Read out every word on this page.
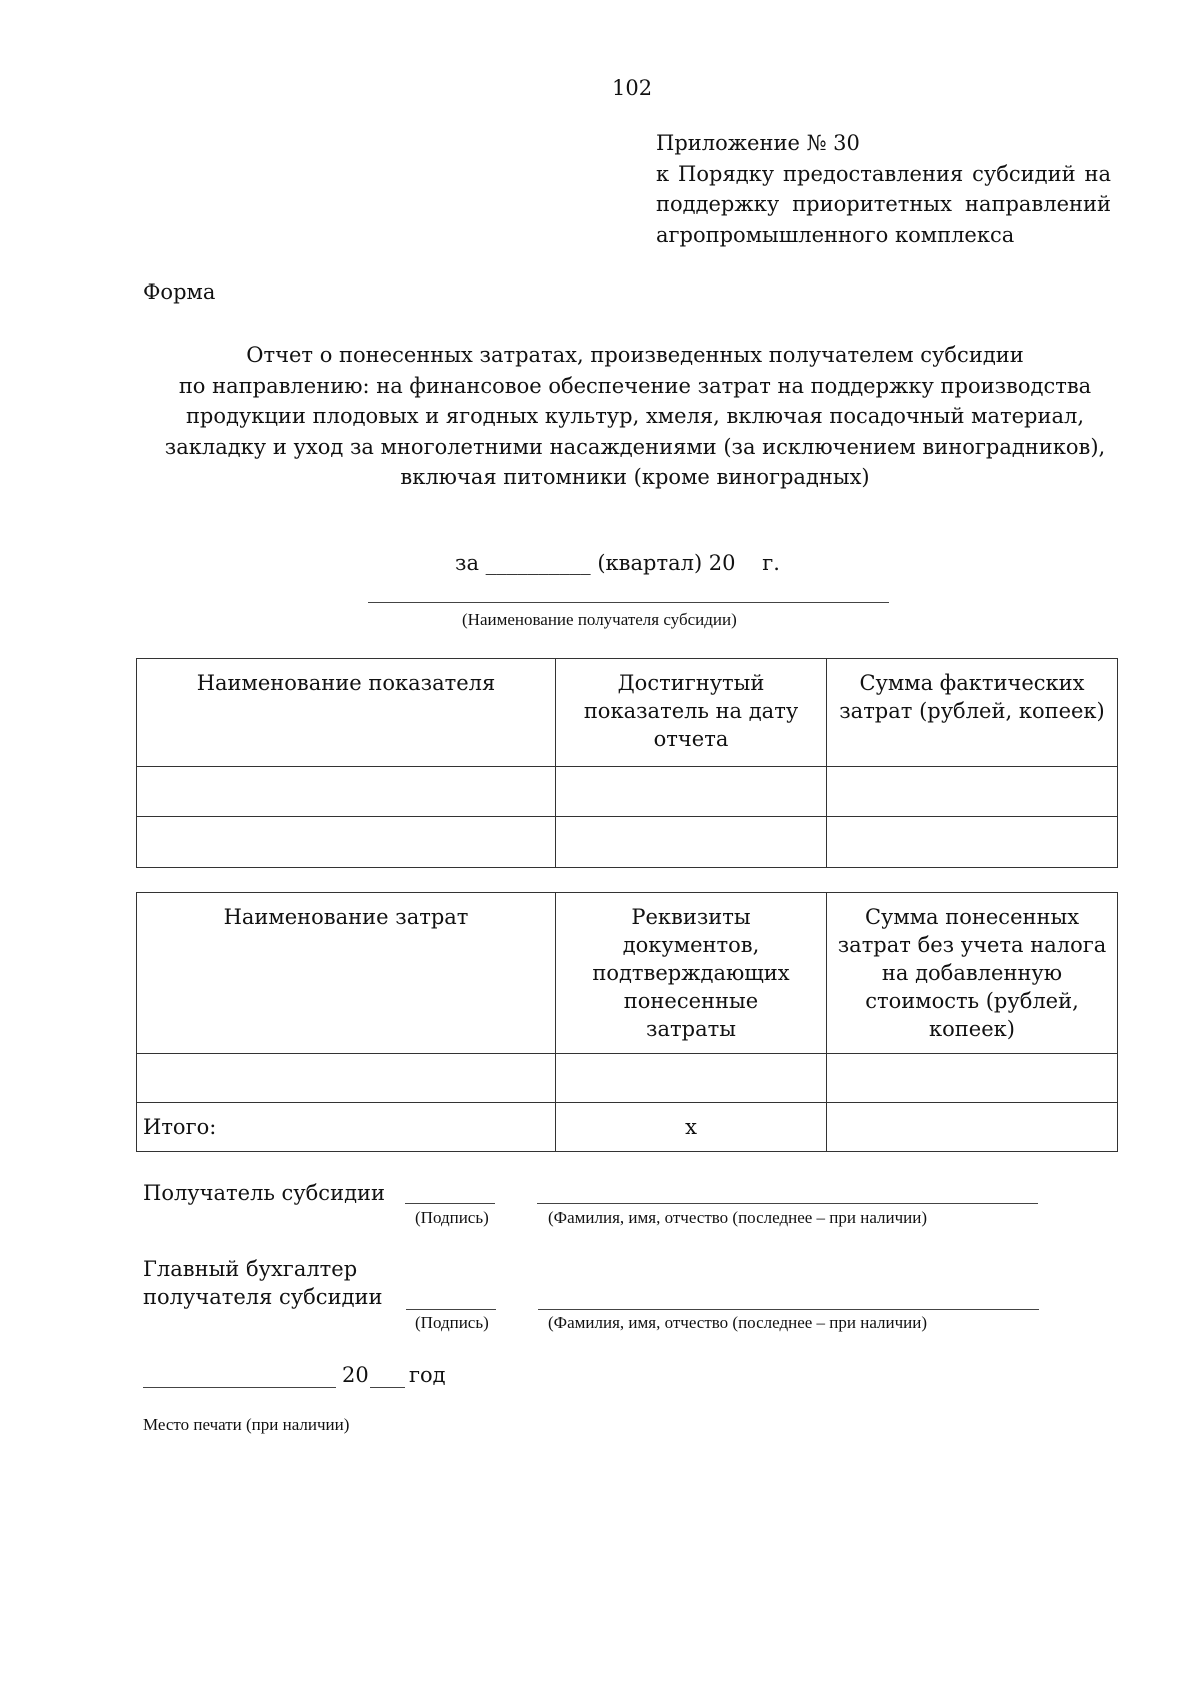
102
Приложение № 30
к Порядку предоставления субсидий на
поддержку приоритетных направлений
агропромышленного комплекса
Форма
Отчет о понесенных затратах, произведенных получателем субсидии
по направлению: на финансовое обеспечение затрат на поддержку производства
продукции плодовых и ягодных культур, хмеля, включая посадочный материал,
закладку и уход за многолетними насаждениями (за исключением виноградников),
включая питомники (кроме виноградных)
за __________ (квартал) 20 г.
(Наименование получателя субсидии)
Наименование показателя	Достигнутый показатель на дату отчета	Сумма фактических затрат (рублей, копеек)

Наименование затрат	Реквизиты документов, подтверждающих понесенные затраты	Сумма понесенных затрат без учета налога на добавленную стоимость (рублей, копеек)

Итого:	x	
Получатель субсидии
(Подпись)	(Фамилия, имя, отчество (последнее – при наличии)
Главный бухгалтер
получателя субсидии
(Подпись)	(Фамилия, имя, отчество (последнее – при наличии)
20 год
Место печати (при наличии)
